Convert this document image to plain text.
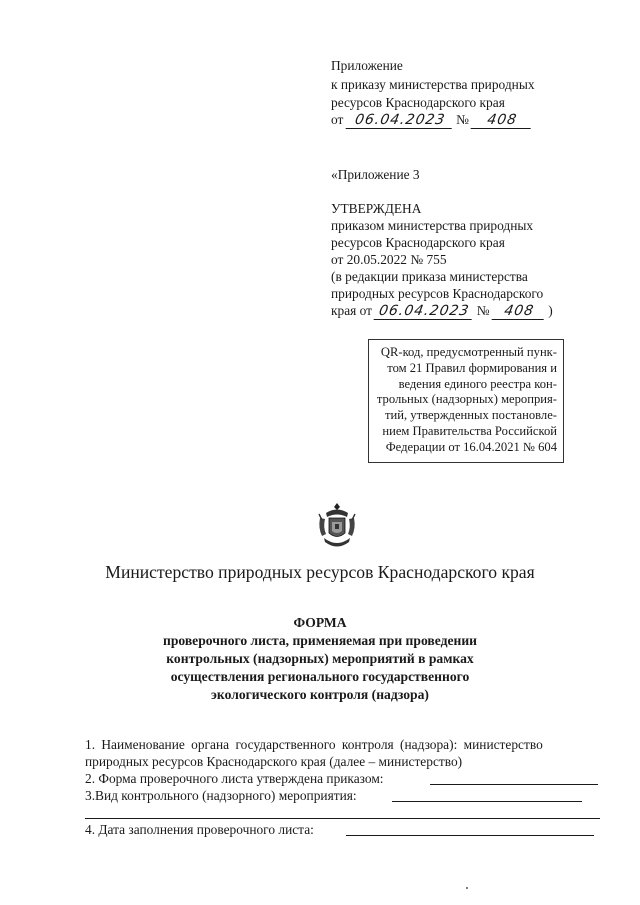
Приложение
к приказу министерства природных
ресурсов Краснодарского края
от 06.04.2023 № 408
«Приложение 3
УТВЕРЖДЕНА
приказом министерства природных
ресурсов Краснодарского края
от 20.05.2022 № 755
(в редакции приказа министерства
природных ресурсов Краснодарского
края от 06.04.2023 № 408 )
QR-код, предусмотренный пунк-
том 21 Правил формирования и
ведения единого реестра кон-
трольных (надзорных) мероприя-
тий, утвержденных постановле-
нием Правительства Российской
Федерации от 16.04.2021 № 604
Министерство природных ресурсов Краснодарского края
ФОРМА
проверочного листа, применяемая при проведении
контрольных (надзорных) мероприятий в рамках
осуществления регионального государственного
экологического контроля (надзора)
1. Наименование органа государственного контроля (надзора): министерство
природных ресурсов Краснодарского края (далее – министерство)
2. Форма проверочного листа утверждена приказом:
3.Вид контрольного (надзорного) мероприятия:
4. Дата заполнения проверочного листа:
